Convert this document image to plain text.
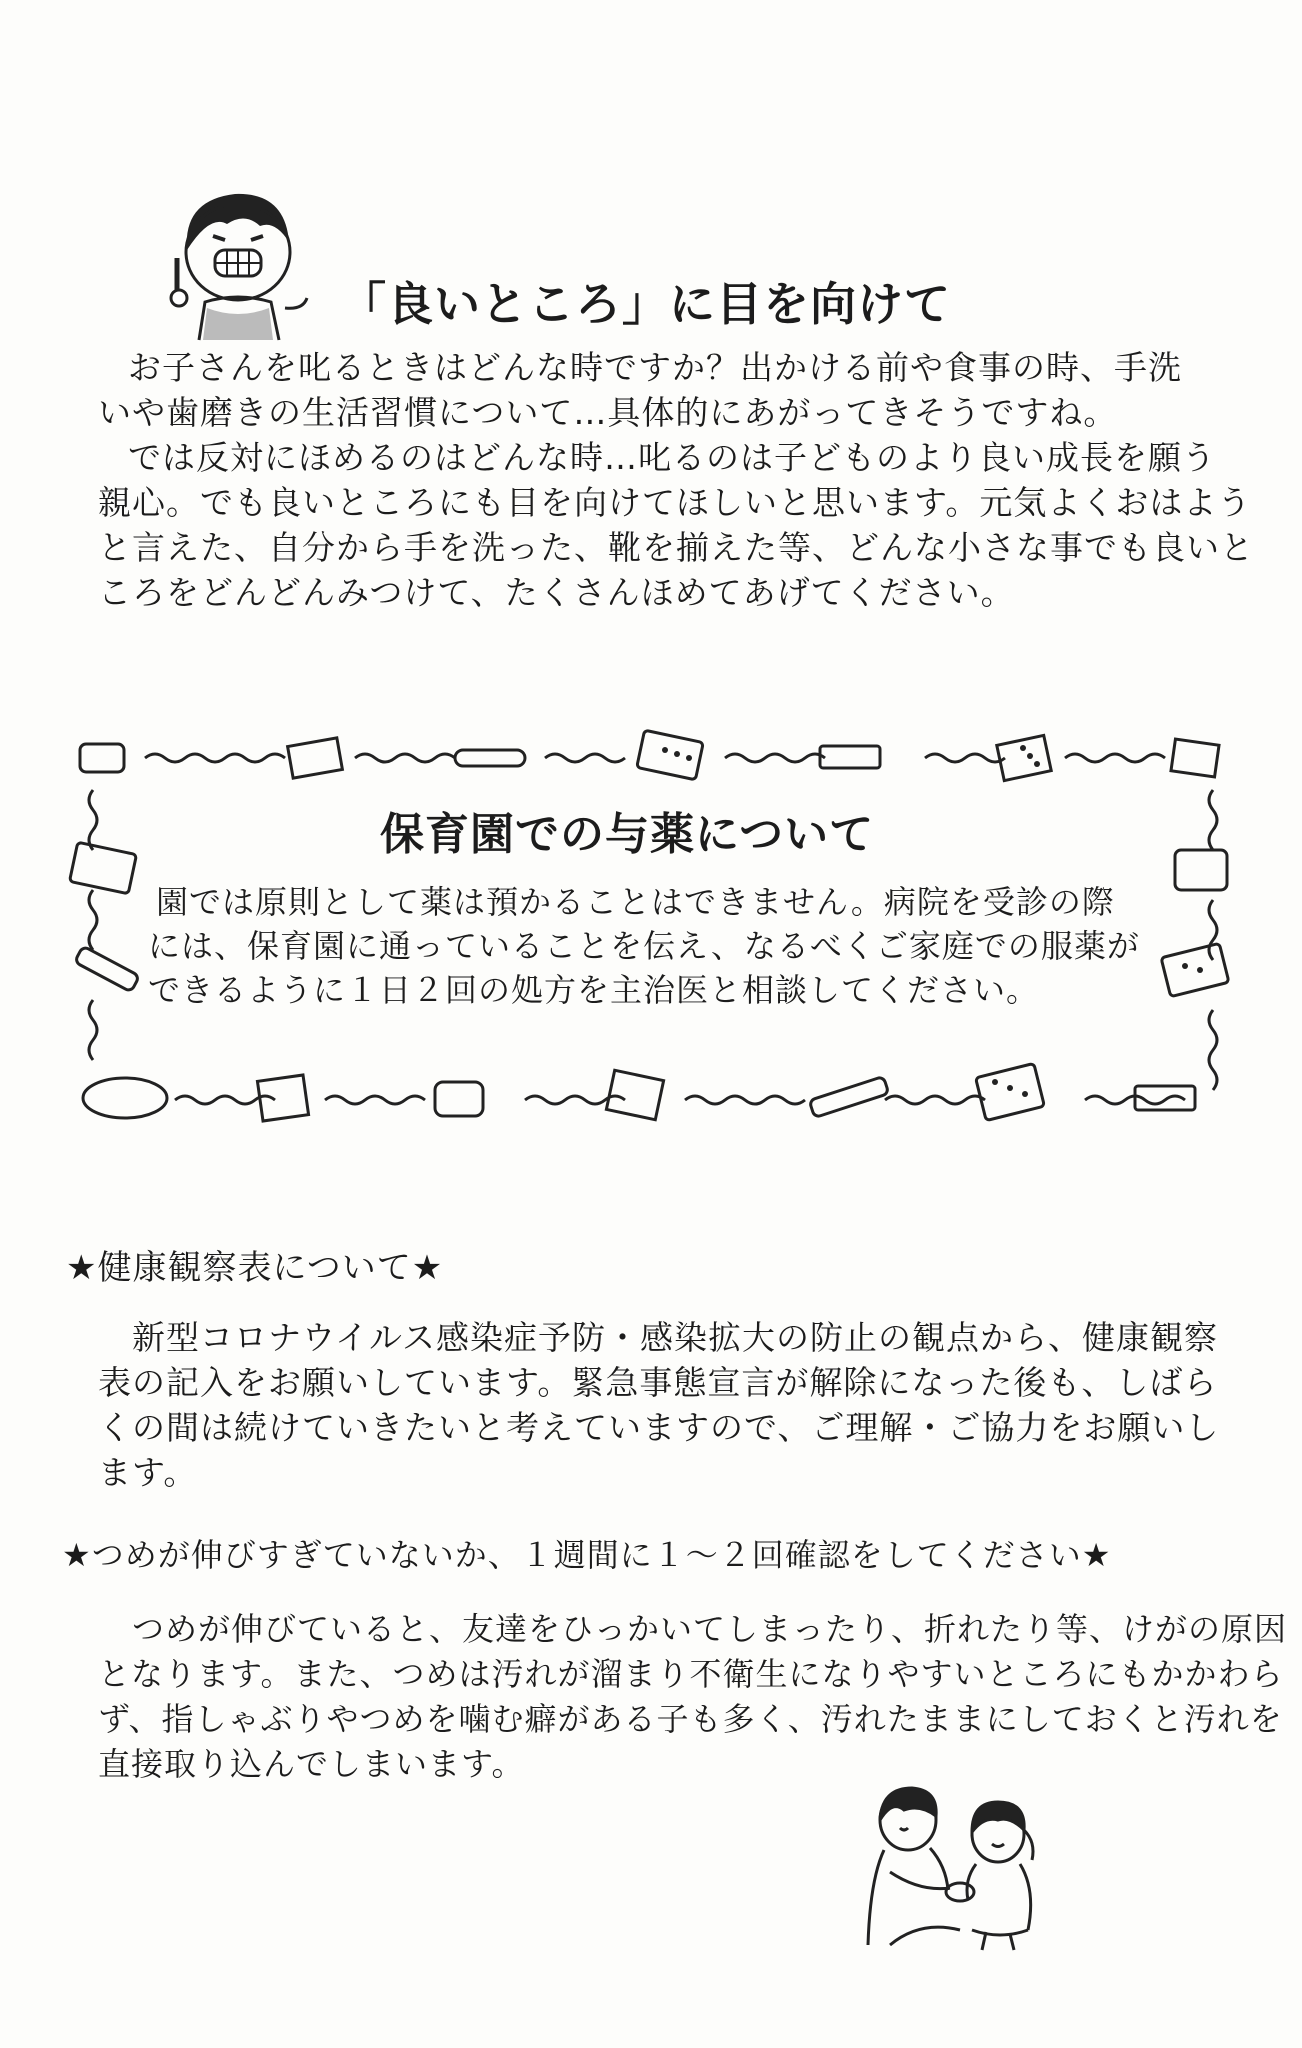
「良いところ」に目を向けて
お子さんを叱るときはどんな時ですか？出かける前や食事の時、手洗
いや歯磨きの生活習慣について…具体的にあがってきそうですね。
では反対にほめるのはどんな時…叱るのは子どものより良い成長を願う
親心。でも良いところにも目を向けてほしいと思います。元気よくおはよう
と言えた、自分から手を洗った、靴を揃えた等、どんな小さな事でも良いと
ころをどんどんみつけて、たくさんほめてあげてください。
保育園での与薬について
園では原則として薬は預かることはできません。病院を受診の際
には、保育園に通っていることを伝え、なるべくご家庭での服薬が
できるように１日２回の処方を主治医と相談してください。
★健康観察表について★
新型コロナウイルス感染症予防・感染拡大の防止の観点から、健康観察
表の記入をお願いしています。緊急事態宣言が解除になった後も、しばら
くの間は続けていきたいと考えていますので、ご理解・ご協力をお願いし
ます。
★つめが伸びすぎていないか、１週間に１～２回確認をしてください★
つめが伸びていると、友達をひっかいてしまったり、折れたり等、けがの原因
となります。また、つめは汚れが溜まり不衛生になりやすいところにもかかわら
ず、指しゃぶりやつめを噛む癖がある子も多く、汚れたままにしておくと汚れを
直接取り込んでしまいます。
